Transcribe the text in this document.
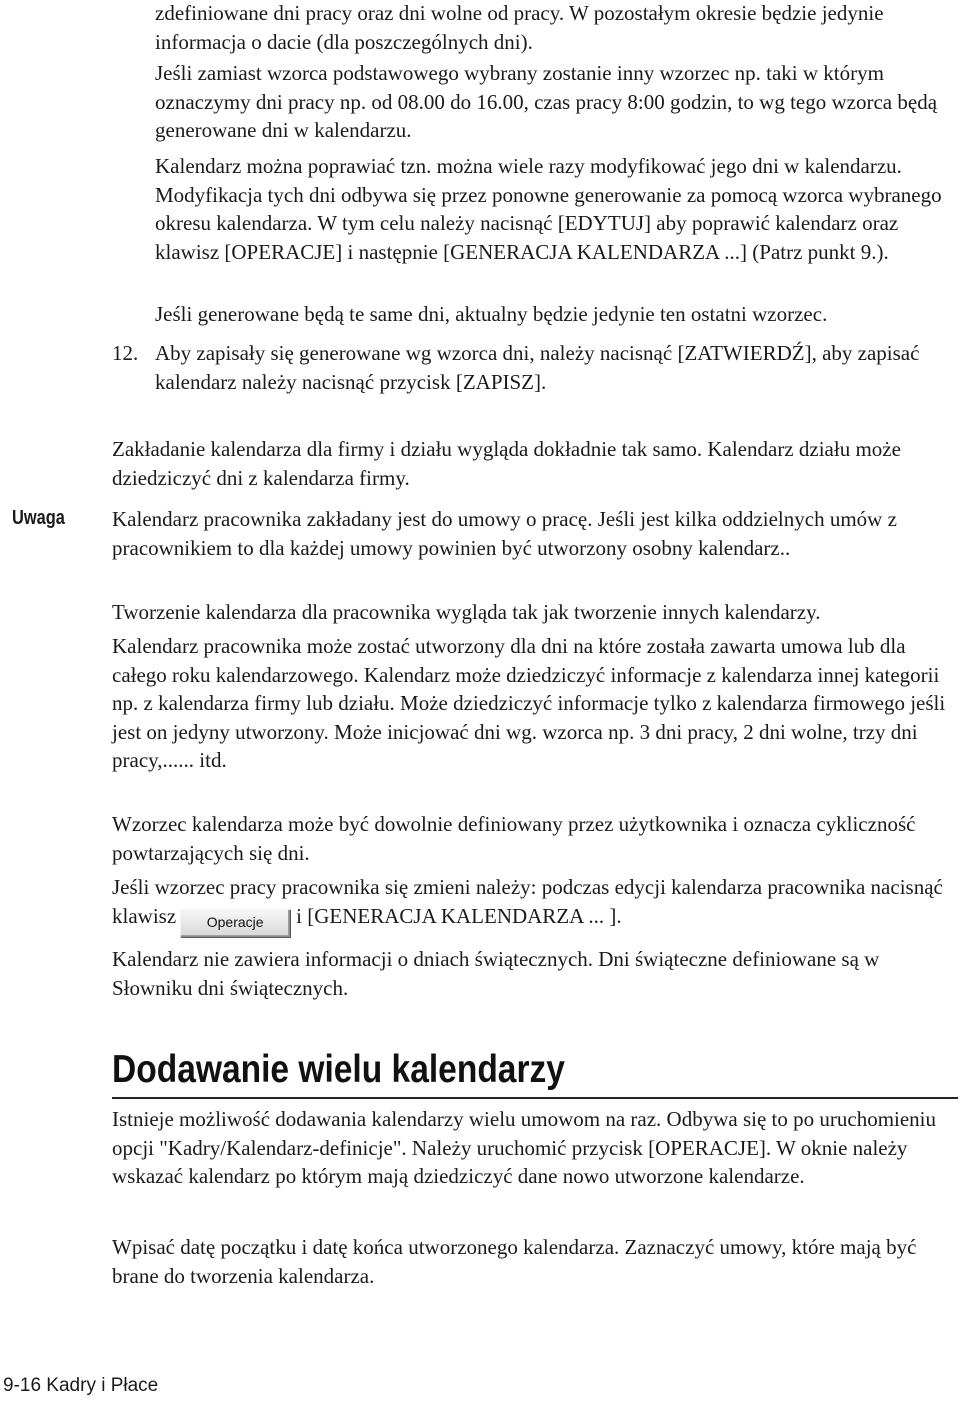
zdefiniowane dni pracy oraz dni wolne od pracy. W pozostałym okresie będzie jedynie informacja o dacie (dla poszczególnych dni).

Jeśli zamiast wzorca podstawowego wybrany zostanie inny wzorzec np. taki w którym oznaczymy dni pracy np. od 08.00 do 16.00, czas pracy 8:00 godzin, to wg tego wzorca będą generowane dni w kalendarzu.

Kalendarz można poprawiać tzn. można wiele razy modyfikować jego dni w kalendarzu. Modyfikacja tych dni odbywa się przez ponowne generowanie za pomocą wzorca wybranego okresu kalendarza. W tym celu należy nacisnąć [EDYTUJ] aby poprawić kalendarz oraz klawisz [OPERACJE] i następnie [GENERACJA KALENDARZA ...] (Patrz punkt 9.).

Jeśli generowane będą te same dni, aktualny będzie jedynie ten ostatni wzorzec.

12. Aby zapisały się generowane wg wzorca dni, należy nacisnąć [ZATWIERDŹ], aby zapisać kalendarz należy nacisnąć przycisk [ZAPISZ].

Uwaga

Zakładanie kalendarza dla firmy i działu wygląda dokładnie tak samo. Kalendarz działu może dziedziczyć dni z kalendarza firmy.

Kalendarz pracownika zakładany jest do umowy o pracę. Jeśli jest kilka oddzielnych umów z pracownikiem to dla każdej umowy powinien być utworzony osobny kalendarz..

Tworzenie kalendarza dla pracownika wygląda tak jak tworzenie innych kalendarzy.

Kalendarz pracownika może zostać utworzony dla dni na które została zawarta umowa lub dla całego roku kalendarzowego. Kalendarz może dziedziczyć informacje z kalendarza innej kategorii np. z kalendarza firmy lub działu. Może dziedziczyć informacje tylko z kalendarza firmowego jeśli jest on jedyny utworzony. Może inicjować dni wg. wzorca np. 3 dni pracy, 2 dni wolne, trzy dni pracy,...... itd.

Wzorzec kalendarza może być dowolnie definiowany przez użytkownika i oznacza cykliczność powtarzających się dni.

Jeśli wzorzec pracy pracownika się zmieni należy: podczas edycji kalendarza pracownika nacisnąć klawisz Operacje i [GENERACJA KALENDARZA ... ].

Kalendarz nie zawiera informacji o dniach świątecznych. Dni świąteczne definiowane są w Słowniku dni świątecznych.

Dodawanie wielu kalendarzy

Istnieje możliwość dodawania kalendarzy wielu umowom na raz. Odbywa się to po uruchomieniu opcji "Kadry/Kalendarz-definicje". Należy uruchomić przycisk [OPERACJE]. W oknie należy wskazać kalendarz po którym mają dziedziczyć dane nowo utworzone kalendarze.

Wpisać datę początku i datę końca utworzonego kalendarza. Zaznaczyć umowy, które mają być brane do tworzenia kalendarza.

9-16 Kadry i Płace
